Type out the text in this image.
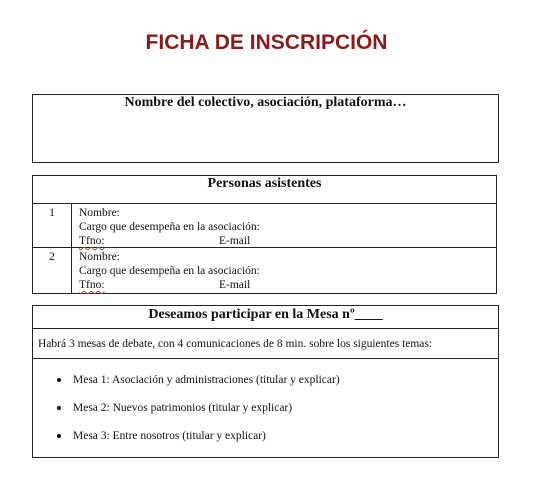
FICHA DE INSCRIPCIÓN
Nombre del colectivo, asociación, plataforma…
Personas asistentes
1	Nombre:
Cargo que desempeña en la asociación:
Tfno:	E-mail
2	Nombre:
Cargo que desempeña en la asociación:
Tfno:	E-mail
Deseamos participar en la Mesa nº____
Habrá 3 mesas de debate, con 4 comunicaciones de 8 min. sobre los siguientes temas:
Mesa 1: Asociación y administraciones (titular y explicar)
Mesa 2: Nuevos patrimonios (titular y explicar)
Mesa 3: Entre nosotros (titular y explicar)
